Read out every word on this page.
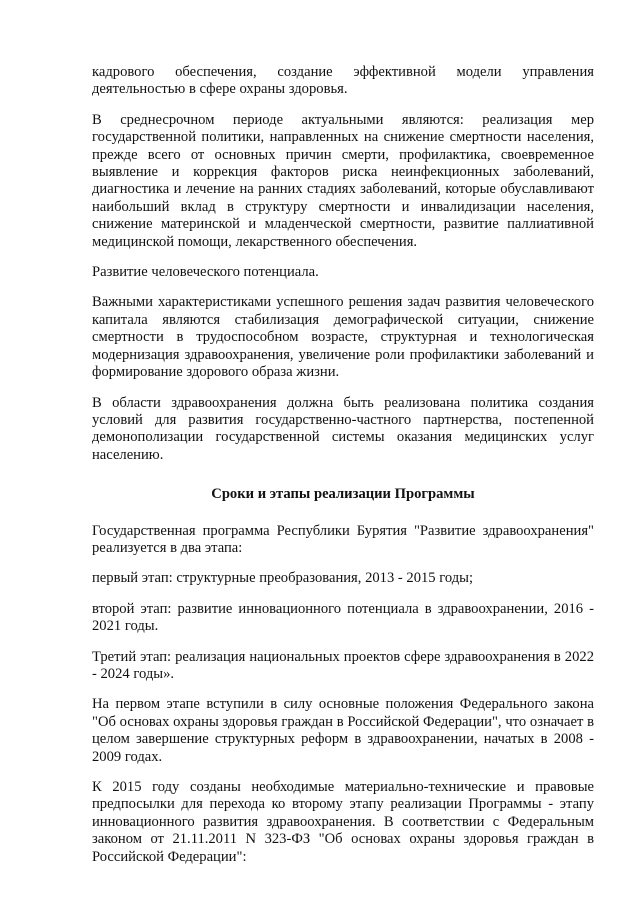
кадрового обеспечения, создание эффективной модели управления деятельностью в сфере охраны здоровья.

В среднесрочном периоде актуальными являются: реализация мер государственной политики, направленных на снижение смертности населения, прежде всего от основных причин смерти, профилактика, своевременное выявление и коррекция факторов риска неинфекционных заболеваний, диагностика и лечение на ранних стадиях заболеваний, которые обуславливают наибольший вклад в структуру смертности и инвалидизации населения, снижение материнской и младенческой смертности, развитие паллиативной медицинской помощи, лекарственного обеспечения.

Развитие человеческого потенциала.

Важными характеристиками успешного решения задач развития человеческого капитала являются стабилизация демографической ситуации, снижение смертности в трудоспособном возрасте, структурная и технологическая модернизация здравоохранения, увеличение роли профилактики заболеваний и формирование здорового образа жизни.

В области здравоохранения должна быть реализована политика создания условий для развития государственно-частного партнерства, постепенной демонополизации государственной системы оказания медицинских услуг населению.

Сроки и этапы реализации Программы

Государственная программа Республики Бурятия "Развитие здравоохранения" реализуется в два этапа:

первый этап: структурные преобразования, 2013 - 2015 годы;

второй этап: развитие инновационного потенциала в здравоохранении, 2016 - 2021 годы.

Третий этап: реализация национальных проектов сфере здравоохранения в 2022 - 2024 годы».

На первом этапе вступили в силу основные положения Федерального закона "Об основах охраны здоровья граждан в Российской Федерации", что означает в целом завершение структурных реформ в здравоохранении, начатых в 2008 - 2009 годах.

К 2015 году созданы необходимые материально-технические и правовые предпосылки для перехода ко второму этапу реализации Программы - этапу инновационного развития здравоохранения. В соответствии с Федеральным законом от 21.11.2011 N 323-ФЗ "Об основах охраны здоровья граждан в Российской Федерации":
